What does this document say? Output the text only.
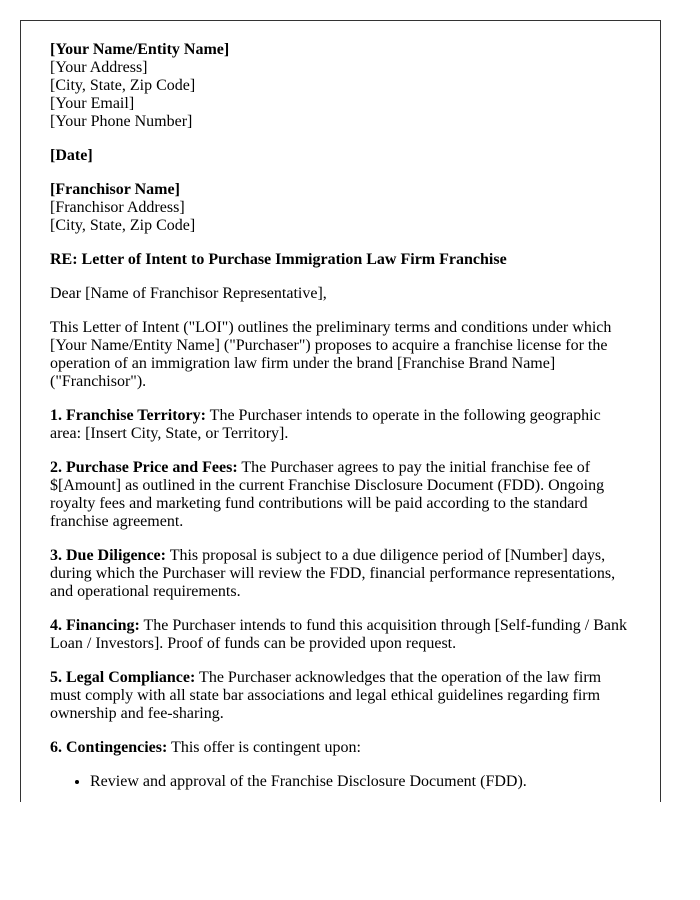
[Your Name/Entity Name]
[Your Address]
[City, State, Zip Code]
[Your Email]
[Your Phone Number]
[Date]
[Franchisor Name]
[Franchisor Address]
[City, State, Zip Code]

RE: Letter of Intent to Purchase Immigration Law Firm Franchise

Dear [Name of Franchisor Representative],

This Letter of Intent ("LOI") outlines the preliminary terms and conditions under which [Your Name/Entity Name] ("Purchaser") proposes to acquire a franchise license for the operation of an immigration law firm under the brand [Franchise Brand Name] ("Franchisor").

1. Franchise Territory: The Purchaser intends to operate in the following geographic area: [Insert City, State, or Territory].

2. Purchase Price and Fees: The Purchaser agrees to pay the initial franchise fee of $[Amount] as outlined in the current Franchise Disclosure Document (FDD). Ongoing royalty fees and marketing fund contributions will be paid according to the standard franchise agreement.

3. Due Diligence: This proposal is subject to a due diligence period of [Number] days, during which the Purchaser will review the FDD, financial performance representations, and operational requirements.

4. Financing: The Purchaser intends to fund this acquisition through [Self-funding / Bank Loan / Investors]. Proof of funds can be provided upon request.

5. Legal Compliance: The Purchaser acknowledges that the operation of the law firm must comply with all state bar associations and legal ethical guidelines regarding firm ownership and fee-sharing.

6. Contingencies: This offer is contingent upon:

• Review and approval of the Franchise Disclosure Document (FDD).
